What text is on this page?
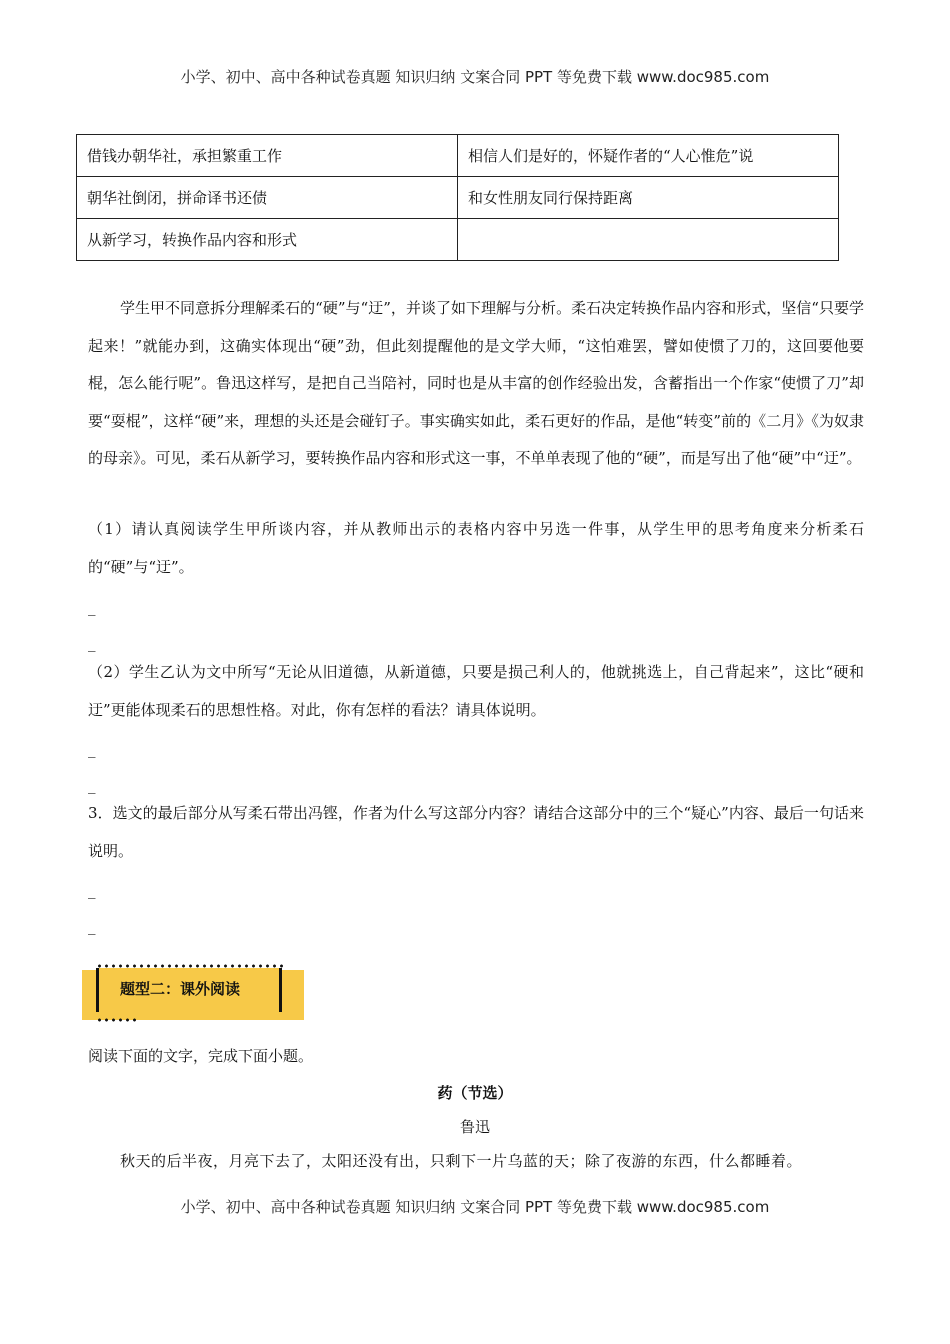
小学、初中、高中各种试卷真题 知识归纳 文案合同 PPT 等免费下载 www.doc985.com
借钱办朝华社，承担繁重工作	相信人们是好的，怀疑作者的“人心惟危”说
朝华社倒闭，拼命译书还债	和女性朋友同行保持距离
从新学习，转换作品内容和形式	
学生甲不同意拆分理解柔石的“硬”与“迂”，并谈了如下理解与分析。柔石决定转换作品内容和形式，坚信“只要学起来！”就能办到，这确实体现出“硬”劲，但此刻提醒他的是文学大师，“这怕难罢，譬如使惯了刀的，这回要他要棍，怎么能行呢”。鲁迅这样写，是把自己当陪衬，同时也是从丰富的创作经验出发，含蓄指出一个作家“使惯了刀”却要“耍棍”，这样“硬”来，理想的头还是会碰钉子。事实确实如此，柔石更好的作品，是他“转变”前的《二月》《为奴隶的母亲》。可见，柔石从新学习，要转换作品内容和形式这一事，不单单表现了他的“硬”，而是写出了他“硬”中“迂”。
（1）请认真阅读学生甲所谈内容，并从教师出示的表格内容中另选一件事，从学生甲的思考角度来分析柔石的“硬”与“迂”。
_
_
（2）学生乙认为文中所写“无论从旧道德，从新道德，只要是损己利人的，他就挑选上，自己背起来”，这比“硬和迂”更能体现柔石的思想性格。对此，你有怎样的看法？请具体说明。
_
_
3．选文的最后部分从写柔石带出冯铿，作者为什么写这部分内容？请结合这部分中的三个“疑心”内容、最后一句话来说明。
_
_
题型二：课外阅读
阅读下面的文字，完成下面小题。
药（节选）
鲁迅
秋天的后半夜，月亮下去了，太阳还没有出，只剩下一片乌蓝的天；除了夜游的东西，什么都睡着。
小学、初中、高中各种试卷真题 知识归纳 文案合同 PPT 等免费下载 www.doc985.com
